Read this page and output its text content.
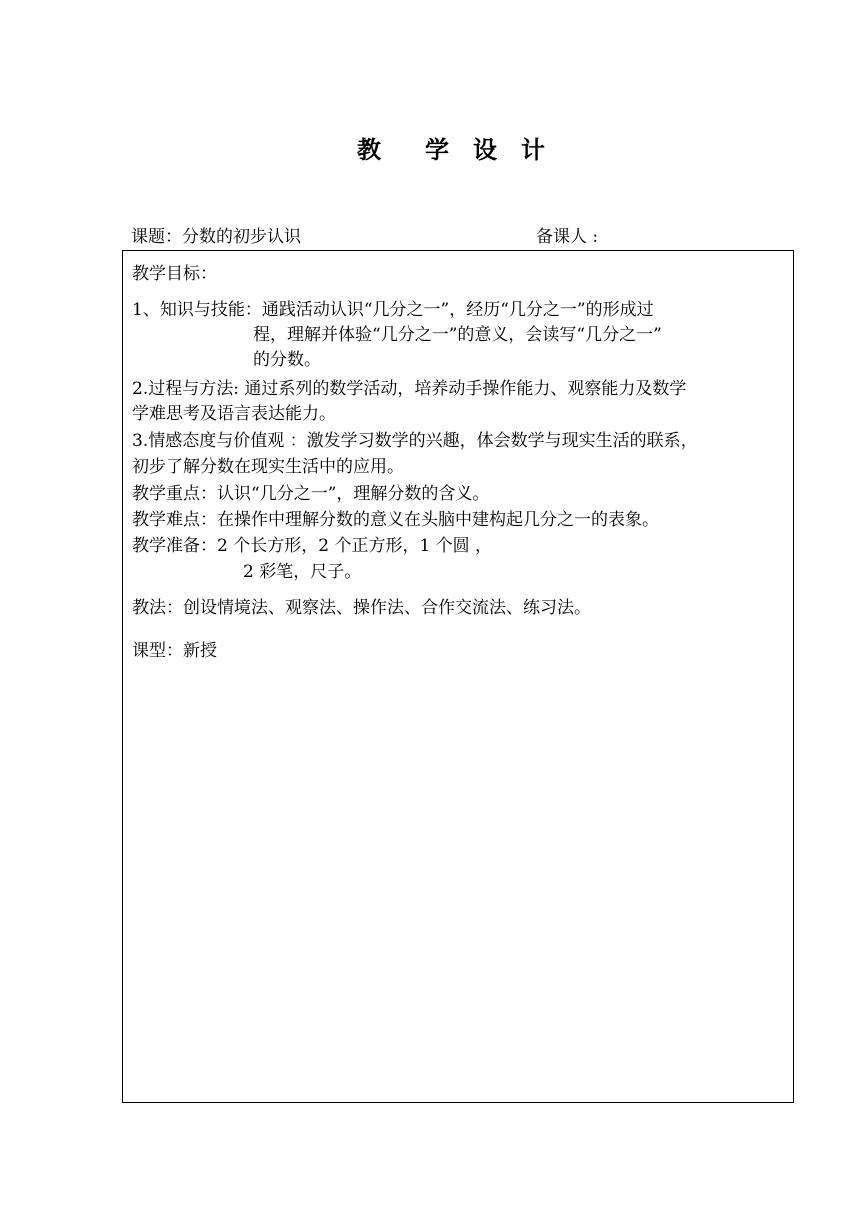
教 学 设 计
课题：分数的初步认识	备课人 :
教学目标：
1、知识与技能：通践活动认识“几分之一”，经历“几分之一”的形成过
程，理解并体验“几分之一”的意义，会读写“几分之一”
的分数。
2.过程与方法: 通过系列的数学活动，培养动手操作能力、观察能力及数学
学难思考及语言表达能力。
3.情感态度与价值观 ：激发学习数学的兴趣，体会数学与现实生活的联系，
初步了解分数在现实生活中的应用。
教学重点：认识“几分之一”，理解分数的含义。
教学难点：在操作中理解分数的意义在头脑中建构起几分之一的表象。
教学准备：2 个长方形，2 个正方形，1 个圆 ，
2 彩笔，尺子。
教法：创设情境法、观察法、操作法、合作交流法、练习法。
课型：新授
